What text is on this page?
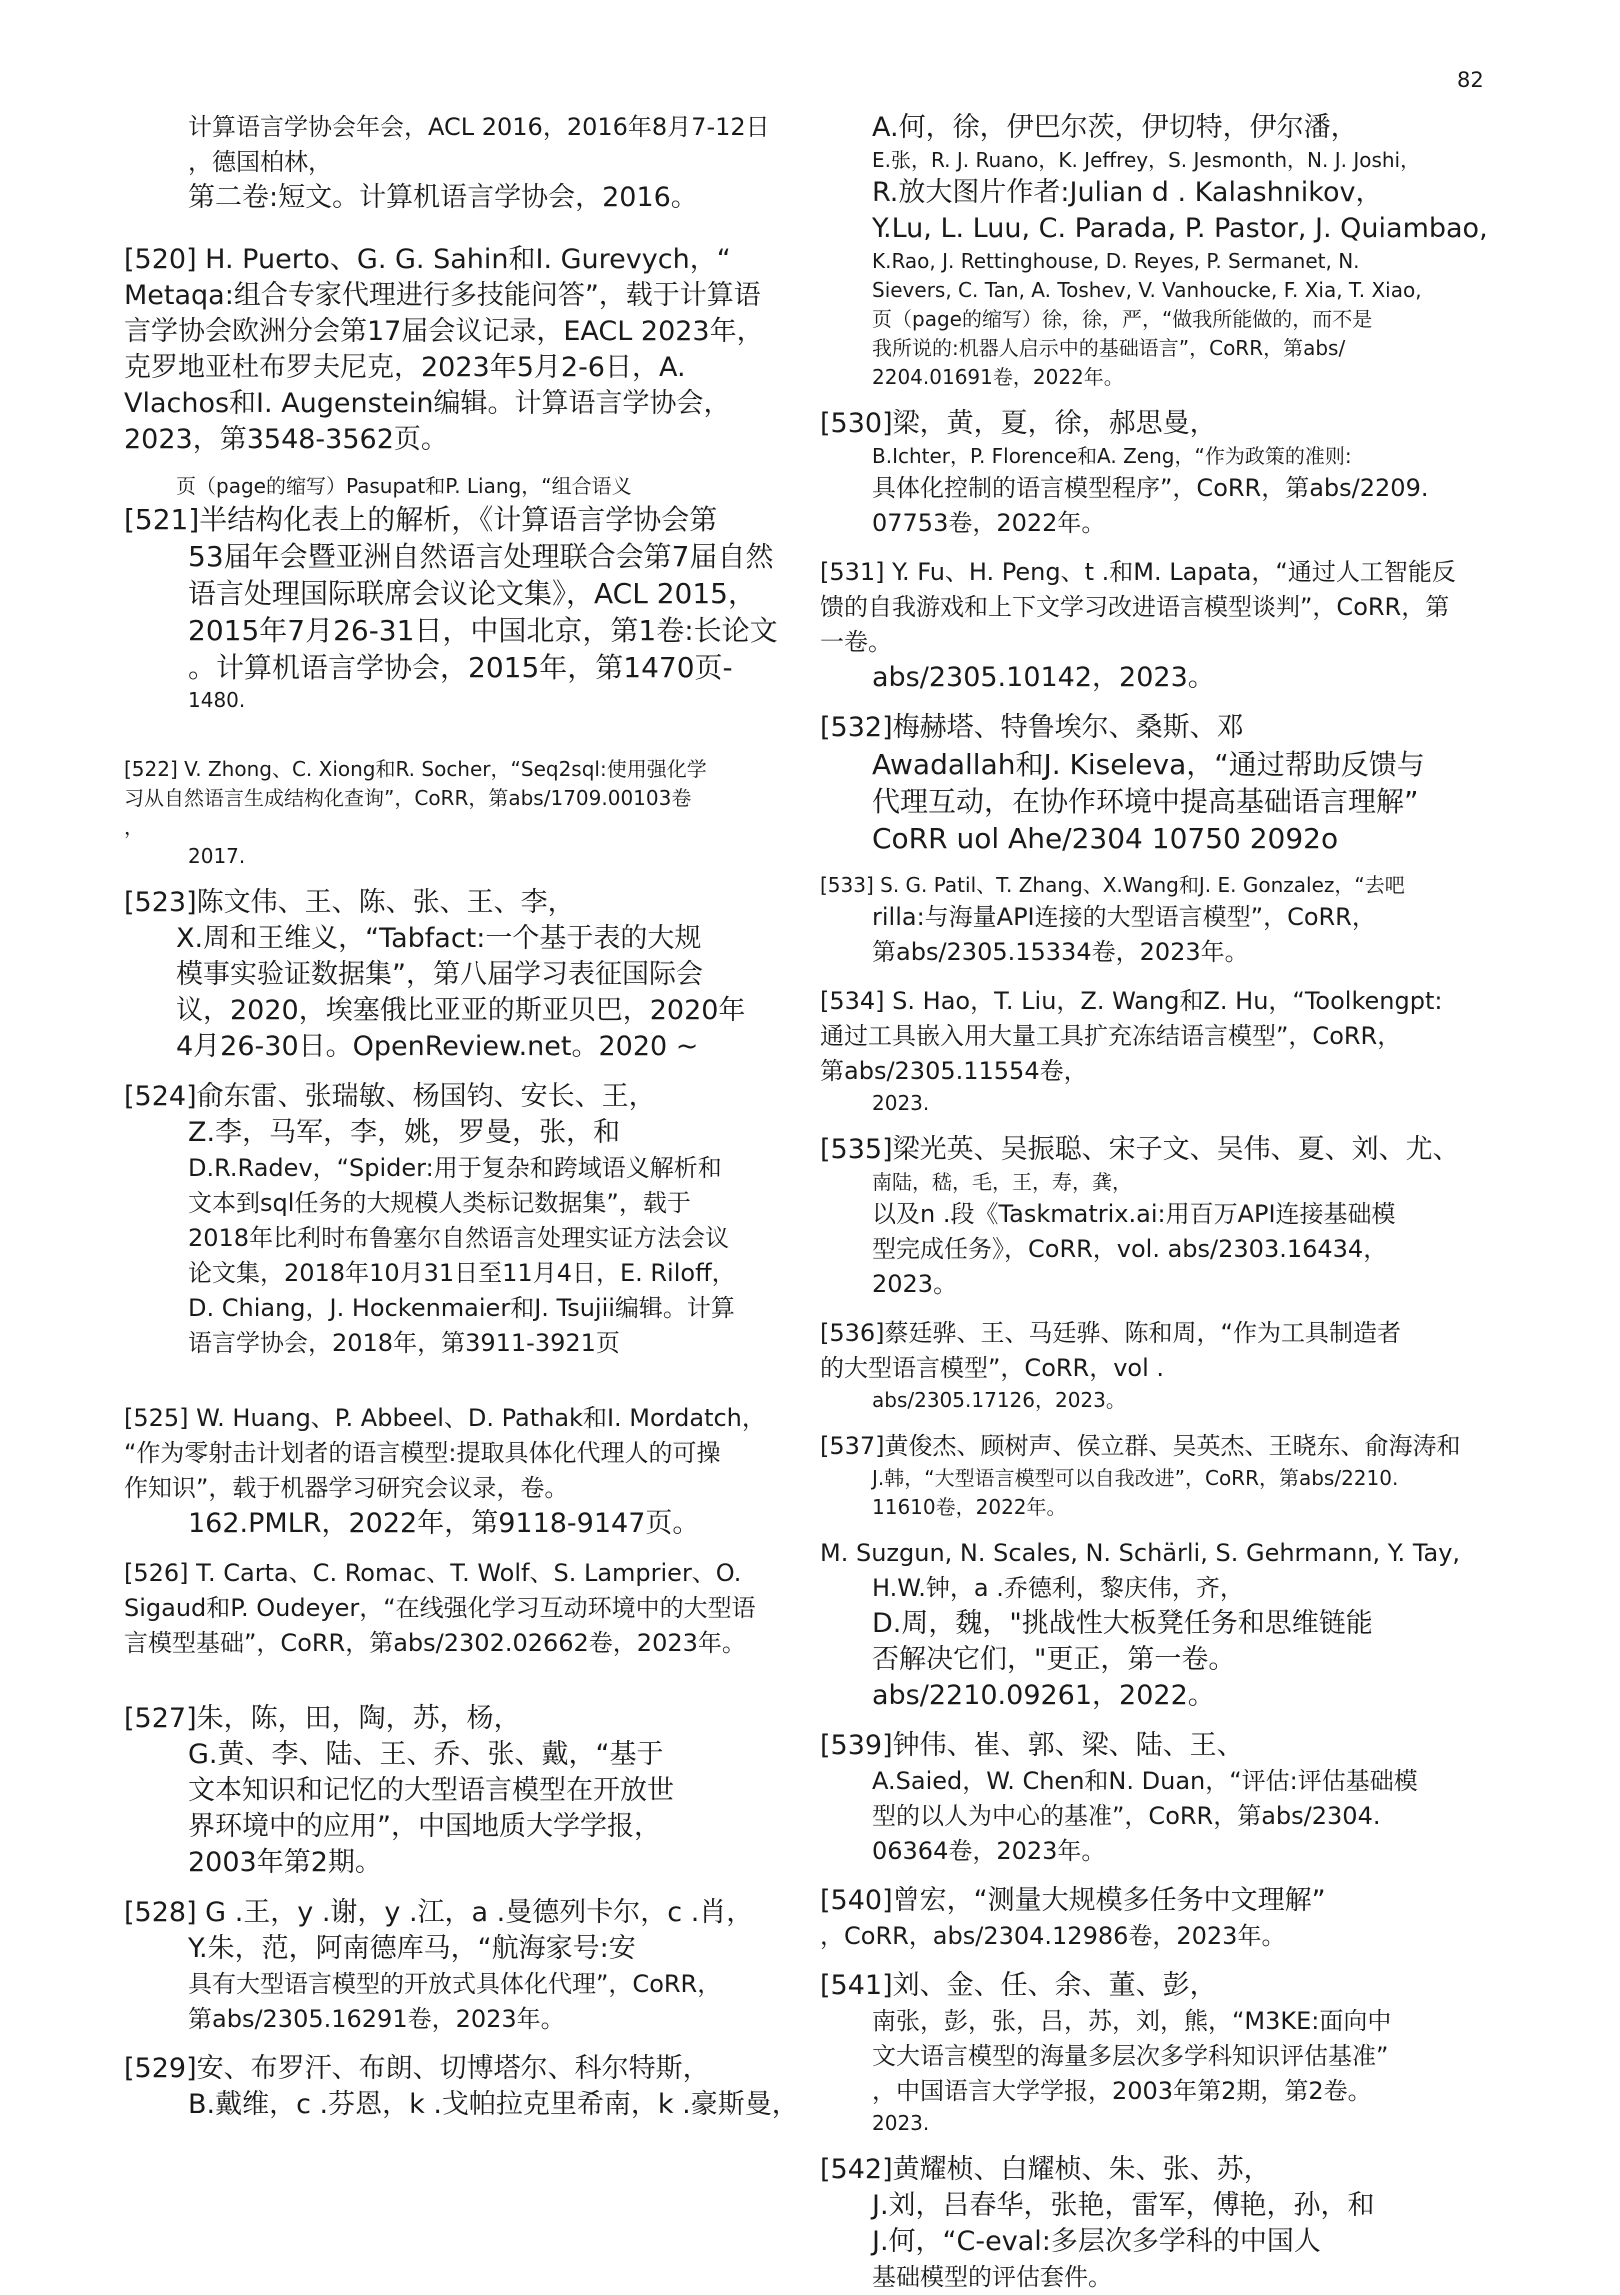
82

计算语言学协会年会，ACL 2016，2016年8月7-12日

，德国柏林，

第二卷:短文。计算机语言学协会，2016。

[520] H. Puerto、G. G. Sahin和I. Gurevych，“

Metaqa:组合专家代理进行多技能问答”，载于计算语

言学协会欧洲分会第17届会议记录，EACL 2023年，

克罗地亚杜布罗夫尼克，2023年5月2-6日，A.

Vlachos和I. Augenstein编辑。计算语言学协会，

2023，第3548-3562页。

页（page的缩写）Pasupat和P. Liang，“组合语义

[521]半结构化表上的解析，《计算语言学协会第

53届年会暨亚洲自然语言处理联合会第7届自然

语言处理国际联席会议论文集》，ACL 2015，

2015年7月26-31日，中国北京，第1卷:长论文

。计算机语言学协会，2015年，第1470页-

1480.

[522] V. Zhong、C. Xiong和R. Socher，“Seq2sql:使用强化学

习从自然语言生成结构化查询”，CoRR，第abs/1709.00103卷

，

2017.

[523]陈文伟、王、陈、张、王、李，

X.周和王维义，“Tabfact:一个基于表的大规

模事实验证数据集”，第八届学习表征国际会

议，2020，埃塞俄比亚亚的斯亚贝巴，2020年

4月26-30日。OpenReview.net。2020 ~

[524]俞东雷、张瑞敏、杨国钧、安长、王，

Z.李，马军，李，姚，罗曼，张，和

D.R.Radev，“Spider:用于复杂和跨域语义解析和

文本到sql任务的大规模人类标记数据集”，载于

2018年比利时布鲁塞尔自然语言处理实证方法会议

论文集，2018年10月31日至11月4日，E. Riloff，

D. Chiang，J. Hockenmaier和J. Tsujii编辑。计算

语言学协会，2018年，第3911-3921页

[525] W. Huang、P. Abbeel、D. Pathak和I. Mordatch，

“作为零射击计划者的语言模型:提取具体化代理人的可操

作知识”，载于机器学习研究会议录，卷。

162.PMLR，2022年，第9118-9147页。

[526] T. Carta、C. Romac、T. Wolf、S. Lamprier、O.

Sigaud和P. Oudeyer，“在线强化学习互动环境中的大型语

言模型基础”，CoRR，第abs/2302.02662卷，2023年。

[527]朱，陈，田，陶，苏，杨，

G.黄、李、陆、王、乔、张、戴，“基于

文本知识和记忆的大型语言模型在开放世

界环境中的应用”，中国地质大学学报，

2003年第2期。

[528] G .王，y .谢，y .江，a .曼德列卡尔，c .肖，

Y.朱，范，阿南德库马，“航海家号:安

具有大型语言模型的开放式具体化代理”，CoRR，

第abs/2305.16291卷，2023年。

[529]安、布罗汗、布朗、切博塔尔、科尔特斯，

B.戴维，c .芬恩，k .戈帕拉克里希南，k .豪斯曼，

A.何，徐，伊巴尔茨，伊切特，伊尔潘，

E.张，R. J. Ruano，K. Jeffrey，S. Jesmonth，N. J. Joshi，

R.放大图片作者:Julian d . Kalashnikov，

Y.Lu, L. Luu, C. Parada, P. Pastor, J. Quiambao,

K.Rao, J. Rettinghouse, D. Reyes, P. Sermanet, N.

Sievers, C. Tan, A. Toshev, V. Vanhoucke, F. Xia, T. Xiao,

页（page的缩写）徐，徐，严，“做我所能做的，而不是

我所说的:机器人启示中的基础语言”，CoRR，第abs/

2204.01691卷，2022年。

[530]梁，黄，夏，徐，郝思曼，

B.Ichter，P. Florence和A. Zeng，“作为政策的准则:

具体化控制的语言模型程序”，CoRR，第abs/2209.

07753卷，2022年。

[531] Y. Fu、H. Peng、t .和M. Lapata，“通过人工智能反

馈的自我游戏和上下文学习改进语言模型谈判”，CoRR，第

一卷。

abs/2305.10142，2023。

[532]梅赫塔、特鲁埃尔、桑斯、邓

Awadallah和J. Kiseleva，“通过帮助反馈与

代理互动，在协作环境中提高基础语言理解”

CoRR uol Ahe/2304 10750 2092o

[533] S. G. Patil、T. Zhang、X.Wang和J. E. Gonzalez，“去吧

rilla:与海量API连接的大型语言模型”，CoRR，

第abs/2305.15334卷，2023年。

[534] S. Hao，T. Liu，Z. Wang和Z. Hu，“Toolkengpt:

通过工具嵌入用大量工具扩充冻结语言模型”，CoRR，

第abs/2305.11554卷，

2023.

[535]梁光英、吴振聪、宋子文、吴伟、夏、刘、尤、

南陆，嵇，毛，王，寿，龚，

以及n .段《Taskmatrix.ai:用百万API连接基础模

型完成任务》，CoRR，vol. abs/2303.16434，

2023。

[536]蔡廷骅、王、马廷骅、陈和周，“作为工具制造者

的大型语言模型”，CoRR，vol .

abs/2305.17126，2023。

[537]黄俊杰、顾树声、侯立群、吴英杰、王晓东、俞海涛和

J.韩，“大型语言模型可以自我改进”，CoRR，第abs/2210.

11610卷，2022年。

M. Suzgun, N. Scales, N. Schärli, S. Gehrmann, Y. Tay,

H.W.钟，a .乔德利，黎庆伟，齐，

D.周，魏，"挑战性大板凳任务和思维链能

否解决它们，"更正，第一卷。

abs/2210.09261，2022。

[539]钟伟、崔、郭、梁、陆、王、

A.Saied，W. Chen和N. Duan，“评估:评估基础模

型的以人为中心的基准”，CoRR，第abs/2304.

06364卷，2023年。

[540]曾宏，“测量大规模多任务中文理解”

，CoRR，abs/2304.12986卷，2023年。

[541]刘、金、任、余、董、彭，

南张，彭，张，吕，苏，刘，熊，“M3KE:面向中

文大语言模型的海量多层次多学科知识评估基准”

，中国语言大学学报，2003年第2期，第2卷。

2023.

[542]黄耀桢、白耀桢、朱、张、苏，

J.刘，吕春华，张艳，雷军，傅艳，孙，和

J.何，“C-eval:多层次多学科的中国人

基础模型的评估套件。
